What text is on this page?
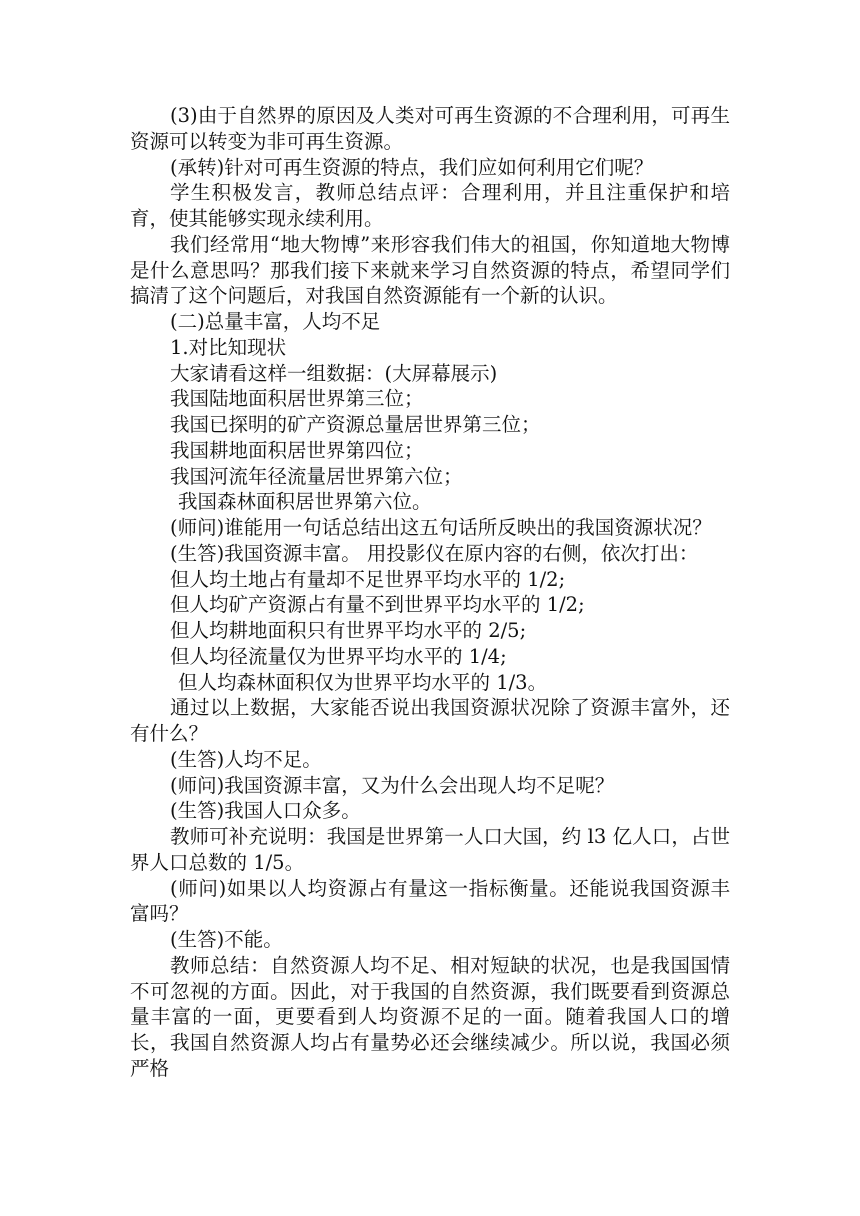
(3)由于自然界的原因及人类对可再生资源的不合理利用，可再生资源可以转变为非可再生资源。

(承转)针对可再生资源的特点，我们应如何利用它们呢？

学生积极发言，教师总结点评：合理利用，并且注重保护和培育，使其能够实现永续利用。

我们经常用“地大物博”来形容我们伟大的祖国，你知道地大物博是什么意思吗？那我们接下来就来学习自然资源的特点，希望同学们搞清了这个问题后，对我国自然资源能有一个新的认识。

(二)总量丰富，人均不足

1.对比知现状

大家请看这样一组数据：(大屏幕展示)

我国陆地面积居世界第三位；

我国已探明的矿产资源总量居世界第三位；

我国耕地面积居世界第四位；

我国河流年径流量居世界第六位；

我国森林面积居世界第六位。

(师问)谁能用一句话总结出这五句话所反映出的我国资源状况？

(生答)我国资源丰富。 用投影仪在原内容的右侧，依次打出：

但人均土地占有量却不足世界平均水平的 1/2;

但人均矿产资源占有量不到世界平均水平的 1/2;

但人均耕地面积只有世界平均水平的 2/5;

但人均径流量仅为世界平均水平的 1/4;

但人均森林面积仅为世界平均水平的 1/3。

通过以上数据，大家能否说出我国资源状况除了资源丰富外，还有什么？

(生答)人均不足。

(师问)我国资源丰富，又为什么会出现人均不足呢？

(生答)我国人口众多。

教师可补充说明：我国是世界第一人口大国，约 l3 亿人口，占世界人口总数的 1/5。

(师问)如果以人均资源占有量这一指标衡量。还能说我国资源丰富吗？

(生答)不能。

教师总结：自然资源人均不足、相对短缺的状况，也是我国国情不可忽视的方面。因此，对于我国的自然资源，我们既要看到资源总量丰富的一面，更要看到人均资源不足的一面。随着我国人口的增长，我国自然资源人均占有量势必还会继续减少。所以说，我国必须严格
